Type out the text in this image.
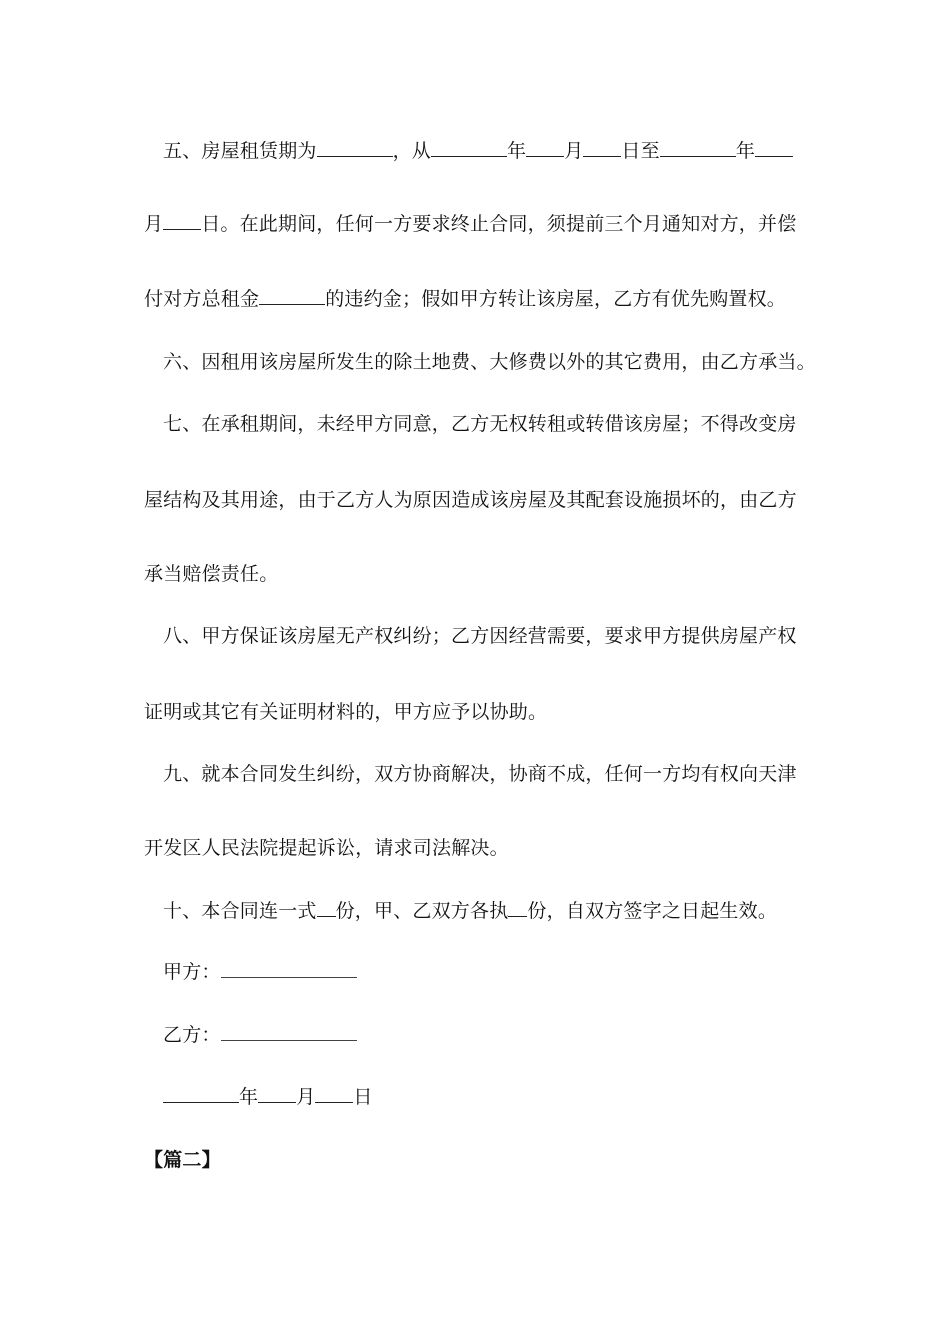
五、房屋租赁期为	，从	年 月 日至	年
月 日。在此期间，任何一方要求终止合同，须提前三个月通知对方，并偿
付对方总租金	的违约金；假如甲方转让该房屋，乙方有优先购置权。
六、因租用该房屋所发生的除土地费、大修费以外的其它费用，由乙方承当。
七、在承租期间，未经甲方同意，乙方无权转租或转借该房屋；不得改变房
屋结构及其用途，由于乙方人为原因造成该房屋及其配套设施损坏的，由乙方
承当赔偿责任。
八、甲方保证该房屋无产权纠纷；乙方因经营需要，要求甲方提供房屋产权
证明或其它有关证明材料的，甲方应予以协助。
九、就本合同发生纠纷，双方协商解决，协商不成，任何一方均有权向天津
开发区人民法院提起诉讼，请求司法解决。
十、本合同连一式 份，甲、乙双方各执 份，自双方签字之日起生效。
甲方：
乙方：
年 月 日
【篇二】
